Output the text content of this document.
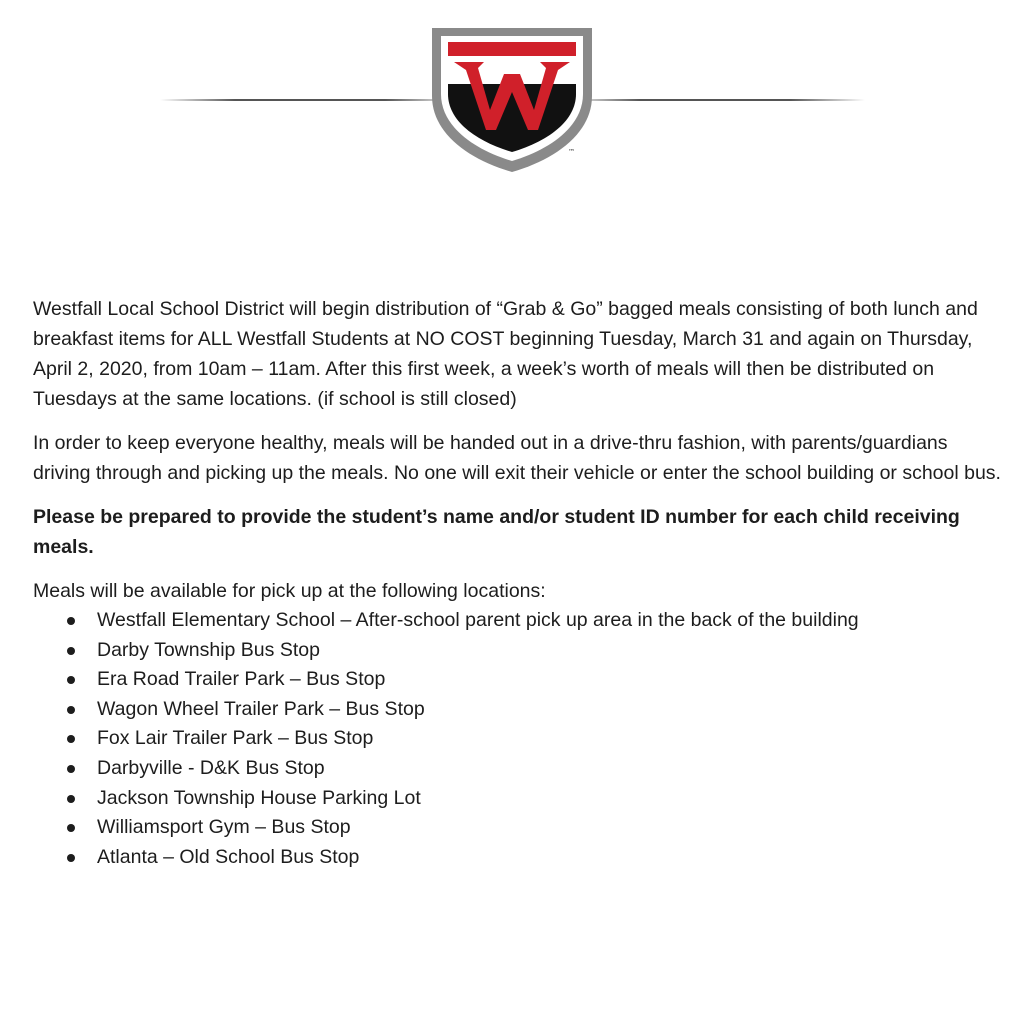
™

Westfall Local School District will begin distribution of “Grab & Go” bagged meals consisting of both lunch and breakfast items for ALL Westfall Students at NO COST beginning Tuesday, March 31 and again on Thursday, April 2, 2020, from 10am – 11am. After this first week, a week’s worth of meals will then be distributed on Tuesdays at the same locations. (if school is still closed)

In order to keep everyone healthy, meals will be handed out in a drive-thru fashion, with parents/guardians driving through and picking up the meals. No one will exit their vehicle or enter the school building or school bus.

Please be prepared to provide the student’s name and/or student ID number for each child receiving meals.

Meals will be available for pick up at the following locations:

Westfall Elementary School – After-school parent pick up area in the back of the building
Darby Township Bus Stop
Era Road Trailer Park – Bus Stop
Wagon Wheel Trailer Park – Bus Stop
Fox Lair Trailer Park – Bus Stop
Darbyville - D&K Bus Stop
Jackson Township House Parking Lot
Williamsport Gym – Bus Stop
Atlanta – Old School Bus Stop
